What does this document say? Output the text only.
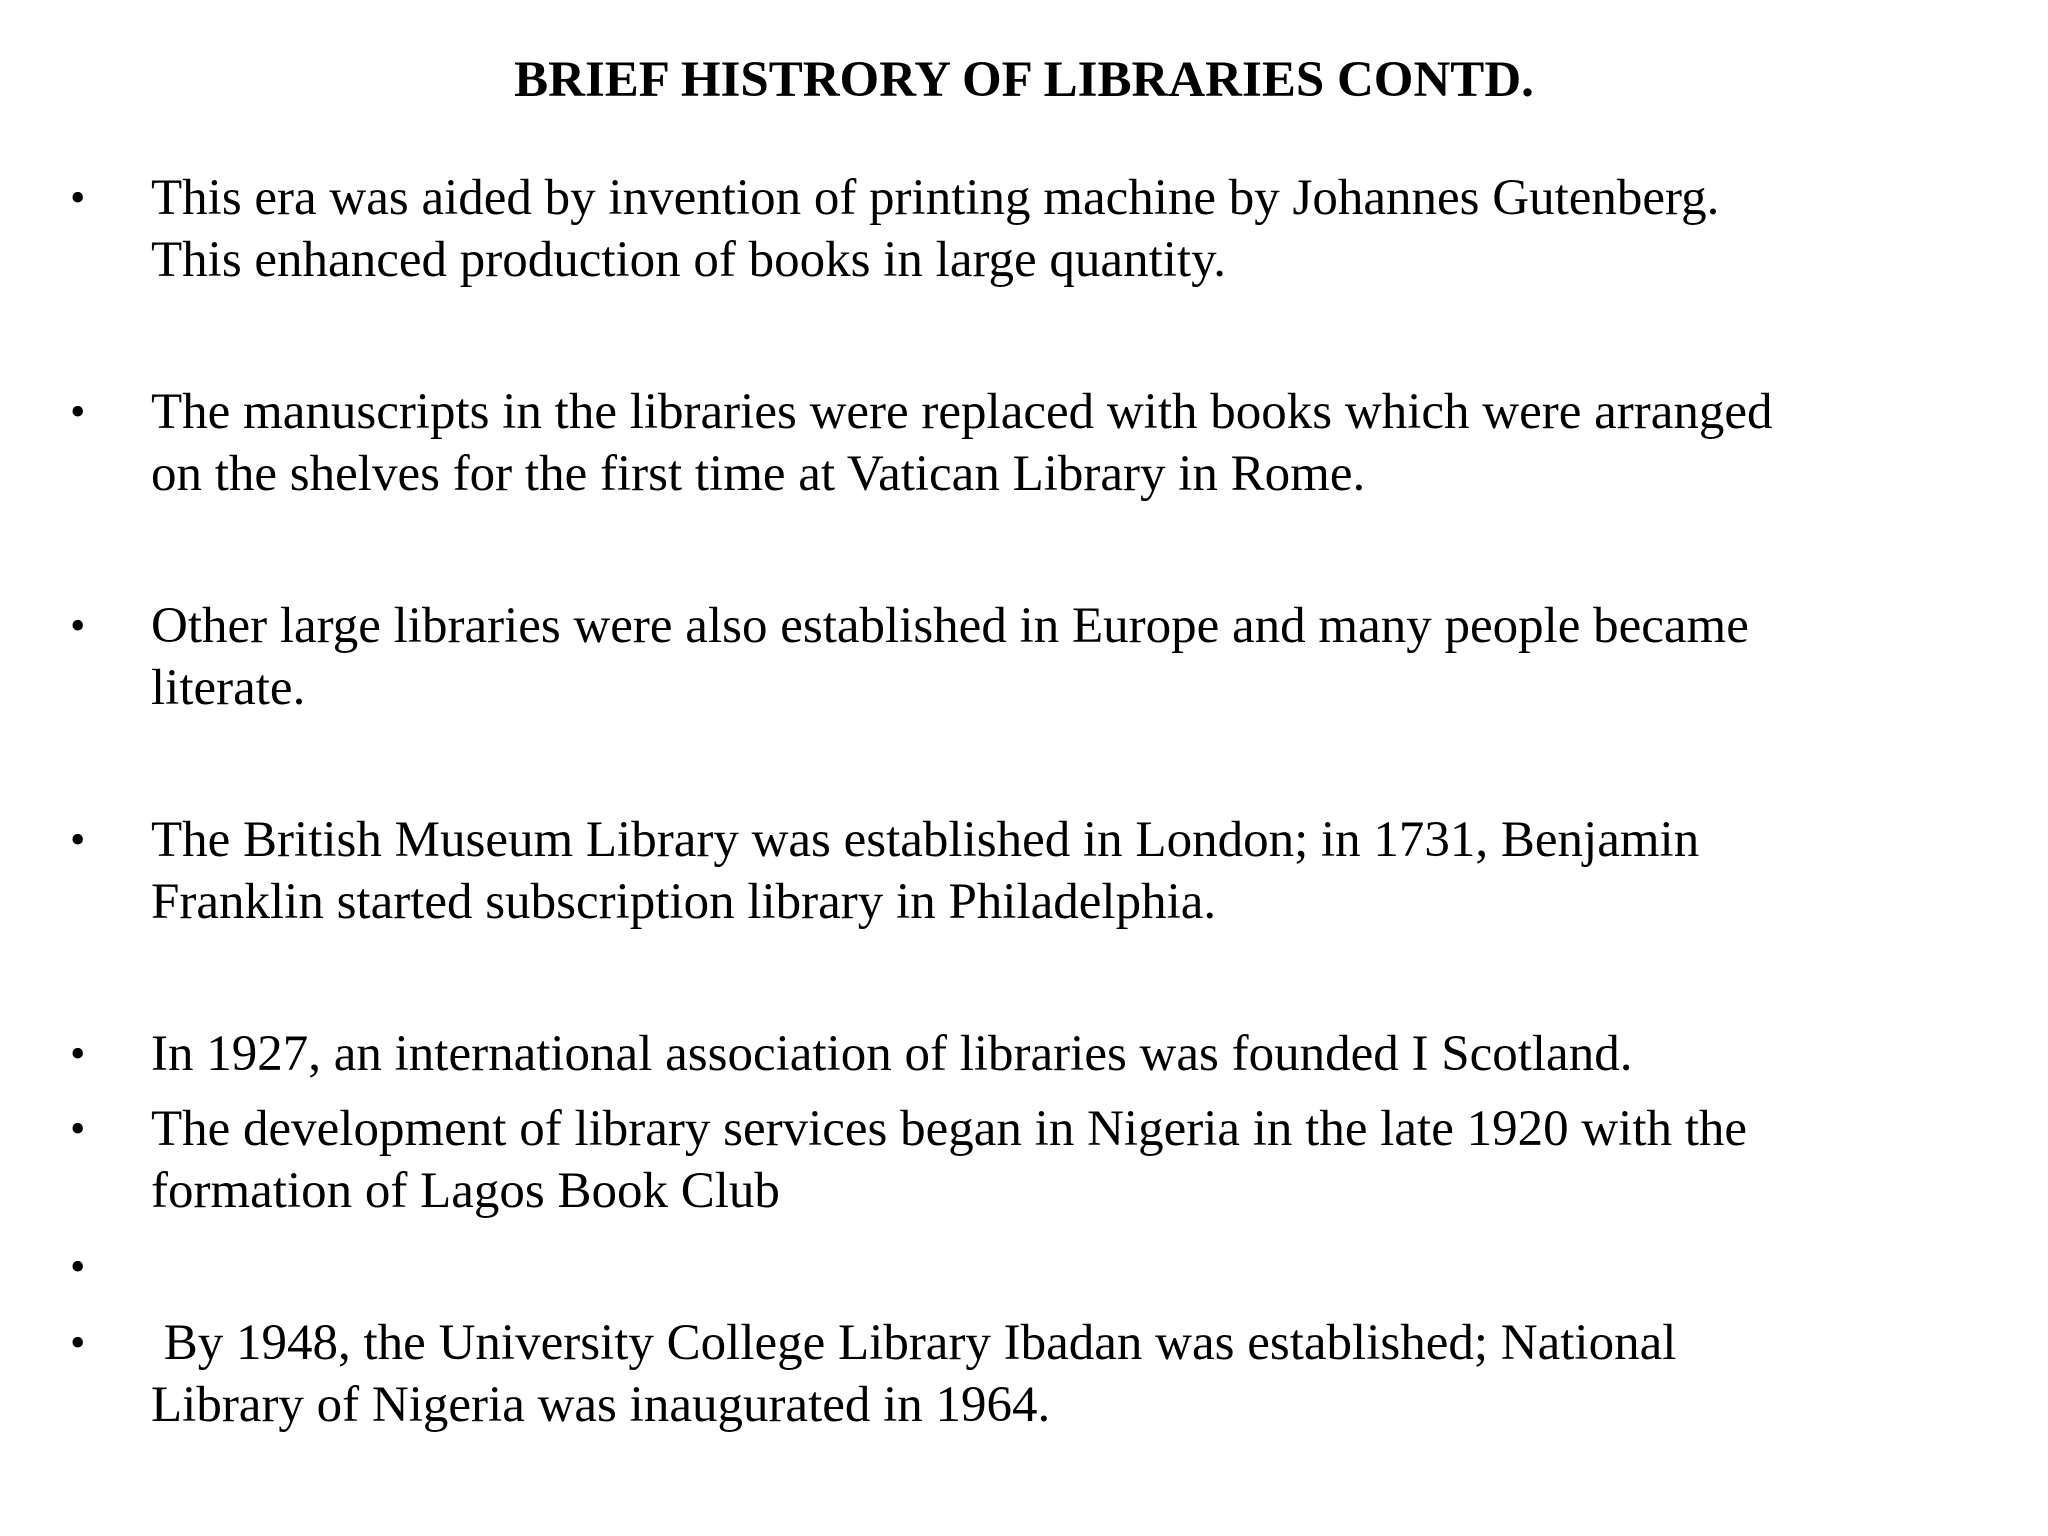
BRIEF HISTRORY OF LIBRARIES CONTD.
•	This era was aided by invention of printing machine by Johannes Gutenberg.
This enhanced production of books in large quantity.
•	The manuscripts in the libraries were replaced with books which were arranged
on the shelves for the first time at Vatican Library in Rome.
•	Other large libraries were also established in Europe and many people became
literate.
•	The British Museum Library was established in London; in 1731, Benjamin
Franklin started subscription library in Philadelphia.
•	In 1927, an international association of libraries was founded I Scotland.
•	The development of library services began in Nigeria in the late 1920 with the
formation of Lagos Book Club
•
•	By 1948, the University College Library Ibadan was established; National
Library of Nigeria was inaugurated in 1964.
